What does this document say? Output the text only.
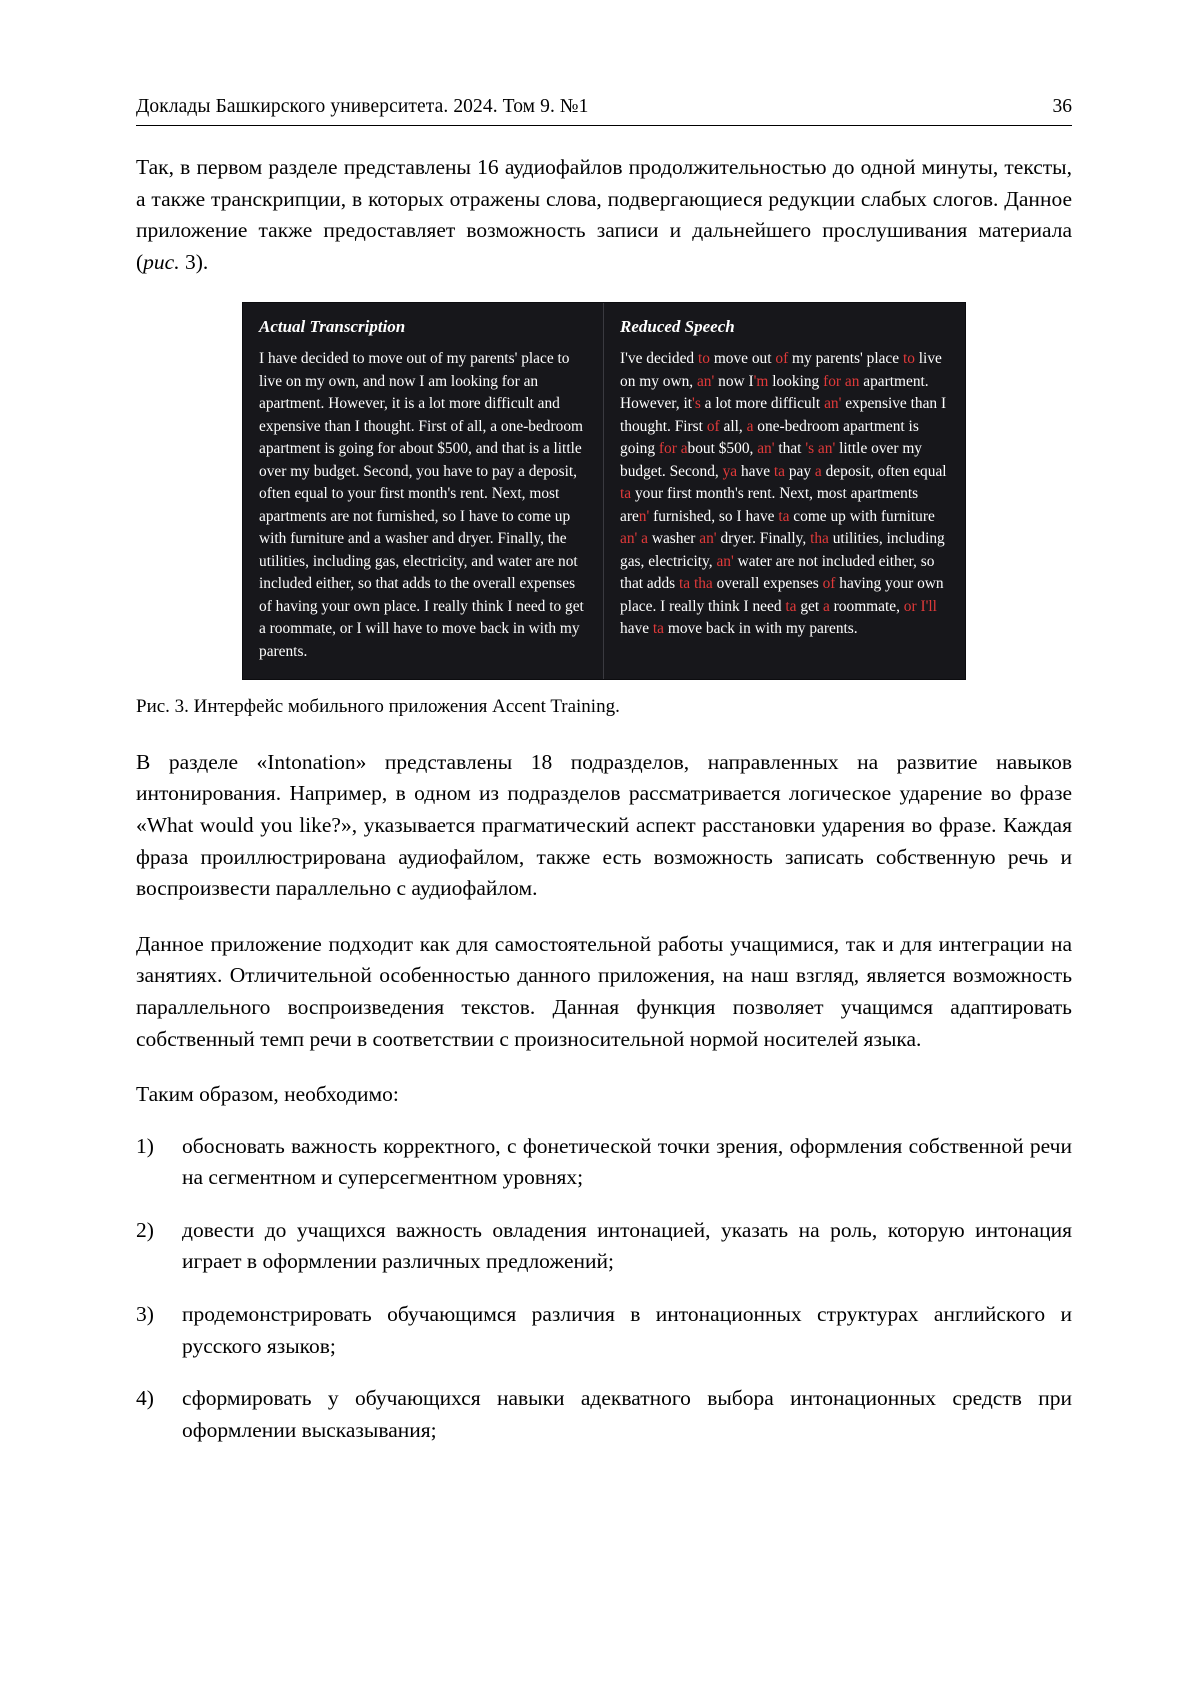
Доклады Башкирского университета. 2024. Том 9. №1	36

Так, в первом разделе представлены 16 аудиофайлов продолжительностью до одной минуты, тексты, а также транскрипции, в которых отражены слова, подвергающиеся редукции слабых слогов. Данное приложение также предоставляет возможность записи и дальнейшего прослушивания материала (рис. 3).

Actual Transcription
I have decided to move out of my parents' place to live on my own, and now I am looking for an apartment. However, it is a lot more difficult and expensive than I thought. First of all, a one-bedroom apartment is going for about $500, and that is a little over my budget. Second, you have to pay a deposit, often equal to your first month's rent. Next, most apartments are not furnished, so I have to come up with furniture and a washer and dryer. Finally, the utilities, including gas, electricity, and water are not included either, so that adds to the overall expenses of having your own place. I really think I need to get a roommate, or I will have to move back in with my parents.
Reduced Speech
I've decided to move out of my parents' place to live on my own, an' now I'm looking for an apartment. However, it's a lot more difficult an' expensive than I thought. First of all, a one-bedroom apartment is going for about $500, an' that 's an' little over my budget. Second, ya have ta pay a deposit, often equal ta your first month's rent. Next, most apartments aren' furnished, so I have ta come up with furniture an' a washer an' dryer. Finally, tha utilities, including gas, electricity, an' water are not included either, so that adds ta tha overall expenses of having your own place. I really think I need ta get a roommate, or I'll have ta move back in with my parents.

Рис. 3. Интерфейс мобильного приложения Accent Training.

В разделе «Intonation» представлены 18 подразделов, направленных на развитие навыков интонирования. Например, в одном из подразделов рассматривается логическое ударение во фразе «What would you like?», указывается прагматический аспект расстановки ударения во фразе. Каждая фраза проиллюстрирована аудиофайлом, также есть возможность записать собственную речь и воспроизвести параллельно с аудиофайлом.

Данное приложение подходит как для самостоятельной работы учащимися, так и для интеграции на занятиях. Отличительной особенностью данного приложения, на наш взгляд, является возможность параллельного воспроизведения текстов. Данная функция позволяет учащимся адаптировать собственный темп речи в соответствии с произносительной нормой носителей языка.

Таким образом, необходимо:

1)	обосновать важность корректного, с фонетической точки зрения, оформления собственной речи на сегментном и суперсегментном уровнях;
2)	довести до учащихся важность овладения интонацией, указать на роль, которую интонация играет в оформлении различных предложений;
3)	продемонстрировать обучающимся различия в интонационных структурах английского и русского языков;
4)	сформировать у обучающихся навыки адекватного выбора интонационных средств при оформлении высказывания;
